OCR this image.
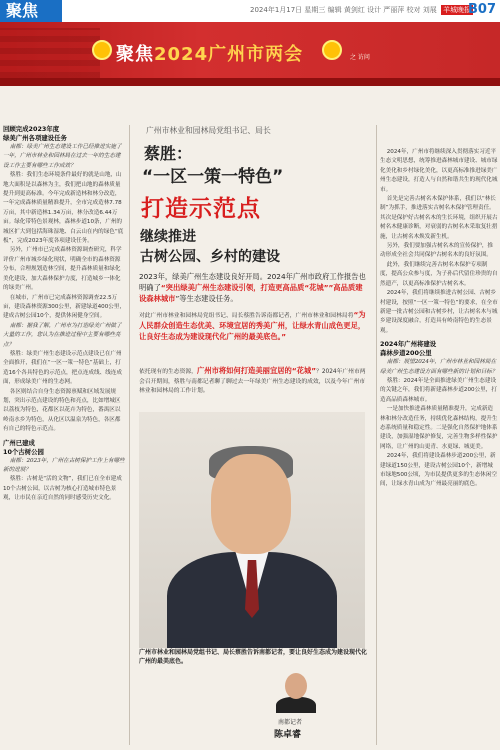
聚焦	2024年1月17日 星期三 编辑 黄剑红 设计 严丽萍 校对 刘展 羊城晚报
B07
聚焦2024广州市两会	之 访问
回顾完成2023年度
绿美广州各项建设任务

南都：绿美广州生态建设工作已经推进实施了一年，广州市林业和园林局在过去一年的生态建设工作主要有哪些工作成效？

蔡胜：我们生态环境条件最好的就是山地，山地大面积是以森林为主，我们把山地的森林质量提升到更高标准。今年完成新造林和林分改造，一年完成森林质量精准提升，全市完成造林7.78万亩，其中新造林1.34万亩，林分改造6.44万亩。绿化带特色景观林，森林步道10条，广州的城区扩大到包括海珠湿地、白云山在内的绿色“底板”，完成2023年度各项建设任务。

另外，广州市已完成森林资源调查研究，科学评价广州市城乡绿化现状，明确全市的森林资源分布，合理规划造林空间，提升森林质量和绿化美化建设，加大森林保护力度，打造城乡一体化的绿美广州。

在城市，广州市已完成森林资源调查22.5万亩，建设森林资源300公里，新建绿道400公里，建成古树公园10个，提供休闲健身空间。

南都：据我了解，广州市为打造绿美广州做了大量的工作，您认为在推进过程中主要有哪些亮点？

蔡胜：绿美广州生态建设示范点建设已在广州全面推开，我们在“一区一策一特色”基础上，打造16个各具特色的示范点，把点连成线、线连成面，形成绿美广州的生态网。

各区则结合自身生态资源禀赋和区域发展规划，突出示范点建设的特色和亮点，比如增城区以荔枝为特色，花都区以花卉为特色，番禺区以岭南水乡为特色，从化区以温泉为特色，各区都有自己的特色示范点。

广州已建成
10个古树公园

南都：2023年，广州在古树保护工作上有哪些新的进展？

蔡胜：古树是“活的文物”，我们已在全市建成10个古树公园，以古树为核心打造城市特色景观，让市民在亲近自然的同时感受历史文化。

广州市林业和园林局党组书记、局长
蔡胜：
“一区一策一特色”
打造示范点
继续推进
古树公园、乡村的建设
2023年，绿美广州生态建设良好开局。2024年广州市政府工作报告也明确了“突出绿美广州生态建设引领，打造更高品质“花城””高品质建设森林城市”等生态建设任务。
对此广州市林业和园林局党组书记、局长蔡胜告诉南都记者，广州市林业和园林局将“为人民群众创造生态优美、环境宜居的秀美广州，让绿水青山成色更足，让良好生态成为建设现代化广州的最美底色。”
依托现有的生态资源，广州市将如何打造美丽宜居的“花城”？2024年广州市两会召开期间，蔡胜与南都记者聊了聊过去一年绿美广州生态建设的成效，以及今年广州市林业和园林局的工作计划。
广州市林业和园林局党组书记、局长蔡胜告诉南都记者，要让良好生态成为建设现代化广州的最美底色。
南都记者
陈卓睿

2024年，广州市将继续深入贯彻落实习近平生态文明思想，统筹推进森林城市建设、城市绿化美化和乡村绿化美化，以更高标准推进绿美广州生态建设，打造人与自然和谐共生的现代化城市。

首先是完善古树名木保护体系，我们以“林长制”为抓手，推进落实古树名木保护管理责任。其次是保护好古树名木的生长环境，组织开展古树名木健康诊断，对衰弱的古树名木采取复壮措施，让古树名木焕发新生机。

另外，我们要加强古树名木的宣传保护，推动形成全社会共同保护古树名木的良好氛围。

此外，我们继续完善古树名木保护专项制度，提高公众参与度，为子孙后代留住珍贵的自然遗产，以更高标准保护古树名木。

2024年，我们将继续推进古树公园、古树乡村建设，按照“一区一策一特色”的要求，在全市新建一批古树公园和古树乡村，让古树名木与城乡建设深度融合，打造具有岭南特色的生态景观。

2024年广州将建设
森林步道200公里

南都：展望2024年，广州市林业和园林局在绿美广州生态建设方面有哪些新的计划和目标？

蔡胜：2024年是全面推进绿美广州生态建设的关键之年，我们将新建森林步道200公里，打造高品质森林城市。

一是加快推进森林质量精准提升，完成新造林和林分改造任务，持续优化森林结构，提升生态系统质量和稳定性。二是强化自然保护地体系建设，加强湿地保护修复，完善生物多样性保护网络，让广州的山更青、水更绿、城更美。

2024年，我们将建设森林步道200公里，新建绿道150公里，建设古树公园10个，新增城市绿地500公顷，为市民提供更多的生态休闲空间，让绿水青山成为广州最亮丽的底色。
